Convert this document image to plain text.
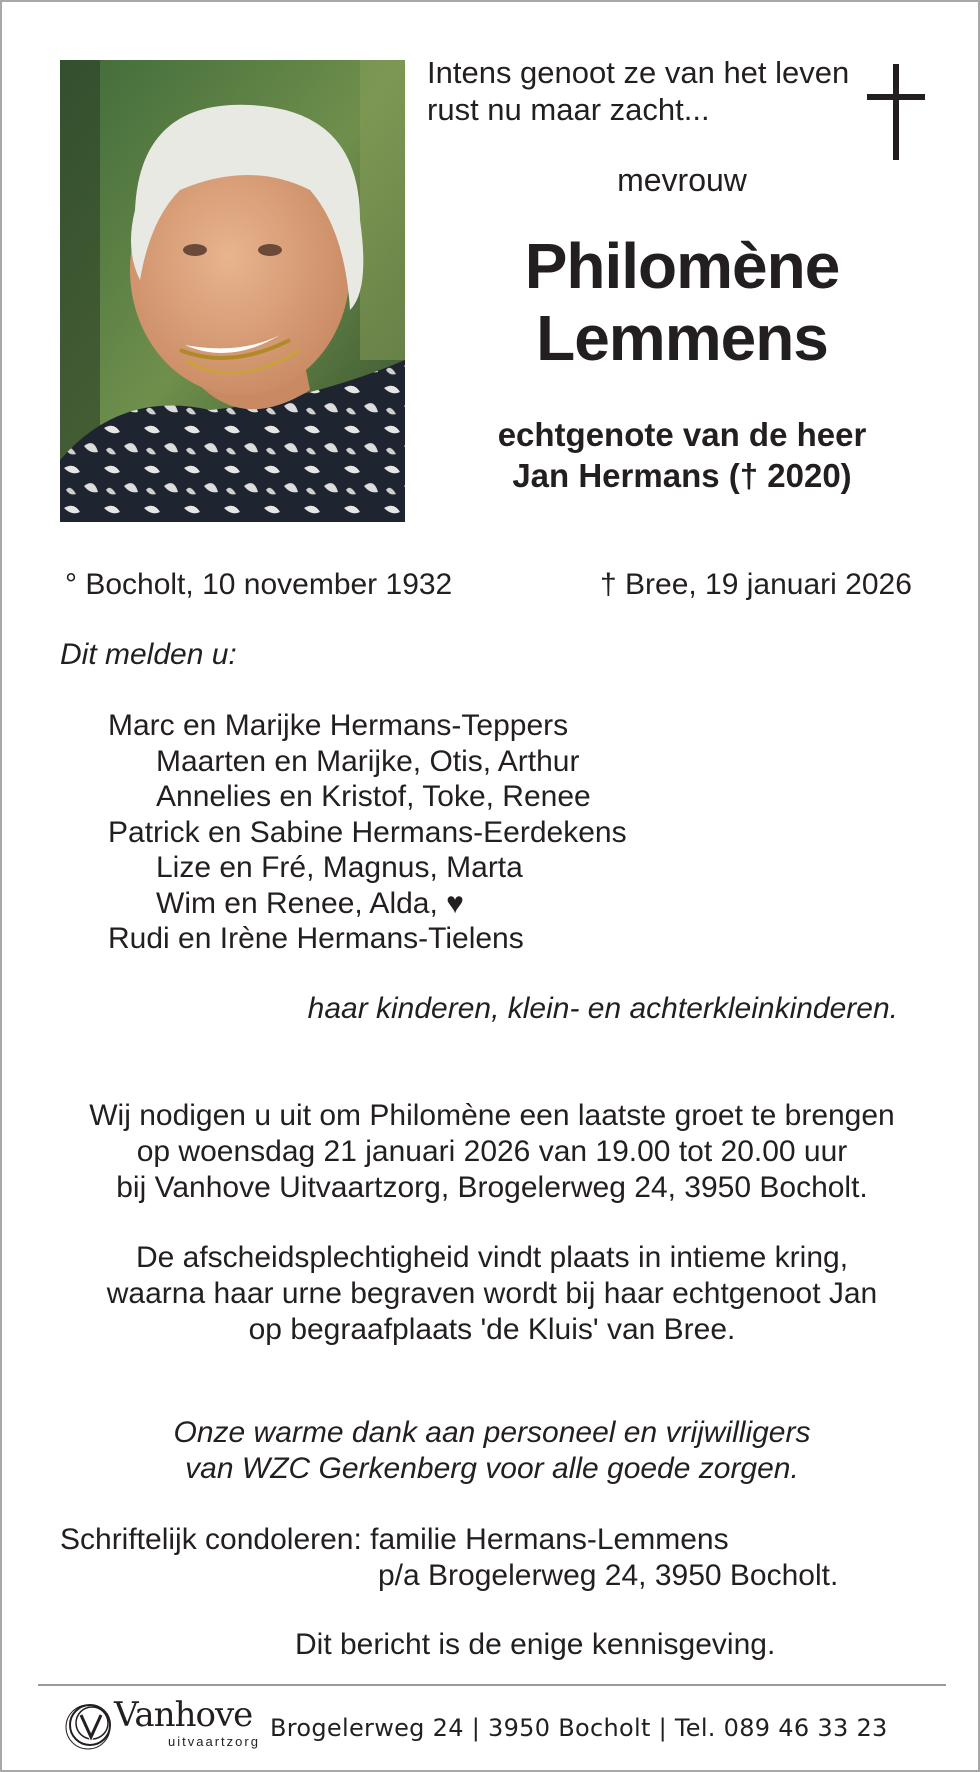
Intens genoot ze van het leven
rust nu maar zacht...
mevrouw
Philomène
Lemmens
echtgenote van de heer
Jan Hermans († 2020)
° Bocholt, 10 november 1932	† Bree, 19 januari 2026
Dit melden u:
Marc en Marijke Hermans-Teppers
Maarten en Marijke, Otis, Arthur
Annelies en Kristof, Toke, Renee
Patrick en Sabine Hermans-Eerdekens
Lize en Fré, Magnus, Marta
Wim en Renee, Alda, ♥
Rudi en Irène Hermans-Tielens
haar kinderen, klein- en achterkleinkinderen.
Wij nodigen u uit om Philomène een laatste groet te brengen
op woensdag 21 januari 2026 van 19.00 tot 20.00 uur
bij Vanhove Uitvaartzorg, Brogelerweg 24, 3950 Bocholt.
De afscheidsplechtigheid vindt plaats in intieme kring,
waarna haar urne begraven wordt bij haar echtgenoot Jan
op begraafplaats 'de Kluis' van Bree.
Onze warme dank aan personeel en vrijwilligers
van WZC Gerkenberg voor alle goede zorgen.
Schriftelijk condoleren: familie Hermans-Lemmens
p/a Brogelerweg 24, 3950 Bocholt.
Dit bericht is de enige kennisgeving.
Vanhove
uitvaartzorg Brogelerweg 24 | 3950 Bocholt | Tel. 089 46 33 23
